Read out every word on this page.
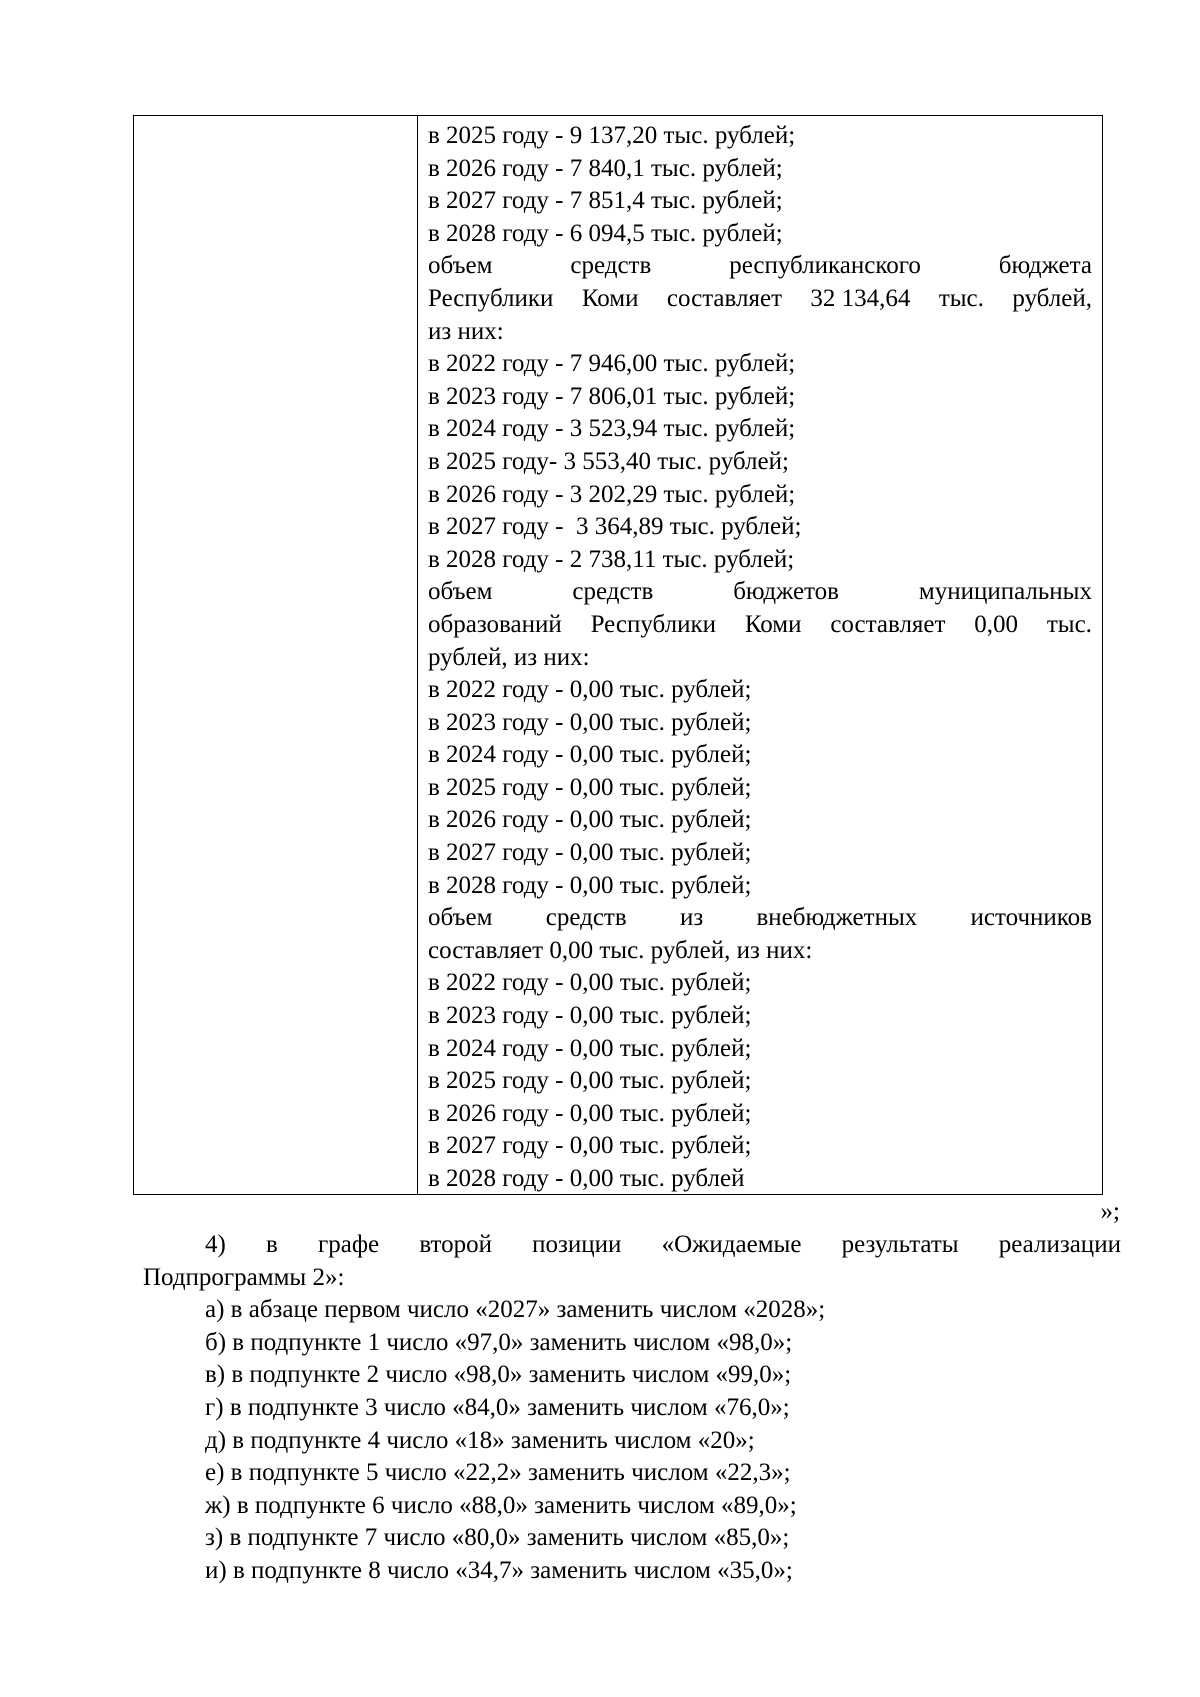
в 2025 году - 9 137,20 тыс. рублей;
в 2026 году - 7 840,1 тыс. рублей;
в 2027 году - 7 851,4 тыс. рублей;
в 2028 году - 6 094,5 тыс. рублей;
объем	средств	республиканского	бюджета
Республики Коми составляет 32 134,64 тыс. рублей,
из них:
в 2022 году - 7 946,00 тыс. рублей;
в 2023 году - 7 806,01 тыс. рублей;
в 2024 году - 3 523,94 тыс. рублей;
в 2025 году- 3 553,40 тыс. рублей;
в 2026 году - 3 202,29 тыс. рублей;
в 2027 году -  3 364,89 тыс. рублей;
в 2028 году - 2 738,11 тыс. рублей;
объем	средств	бюджетов	муниципальных
образований Республики Коми составляет 0,00 тыс.
рублей, из них:
в 2022 году - 0,00 тыс. рублей;
в 2023 году - 0,00 тыс. рублей;
в 2024 году - 0,00 тыс. рублей;
в 2025 году - 0,00 тыс. рублей;
в 2026 году - 0,00 тыс. рублей;
в 2027 году - 0,00 тыс. рублей;
в 2028 году - 0,00 тыс. рублей;
объем средств из внебюджетных источников
составляет 0,00 тыс. рублей, из них:
в 2022 году - 0,00 тыс. рублей;
в 2023 году - 0,00 тыс. рублей;
в 2024 году - 0,00 тыс. рублей;
в 2025 году - 0,00 тыс. рублей;
в 2026 году - 0,00 тыс. рублей;
в 2027 году - 0,00 тыс. рублей;
в 2028 году - 0,00 тыс. рублей
»;
4) в графе второй позиции «Ожидаемые результаты реализации
Подпрограммы 2»:
а) в абзаце первом число «2027» заменить числом «2028»;
б) в подпункте 1 число «97,0» заменить числом «98,0»;
в) в подпункте 2 число «98,0» заменить числом «99,0»;
г) в подпункте 3 число «84,0» заменить числом «76,0»;
д) в подпункте 4 число «18» заменить числом «20»;
е) в подпункте 5 число «22,2» заменить числом «22,3»;
ж) в подпункте 6 число «88,0» заменить числом «89,0»;
з) в подпункте 7 число «80,0» заменить числом «85,0»;
и) в подпункте 8 число «34,7» заменить числом «35,0»;
